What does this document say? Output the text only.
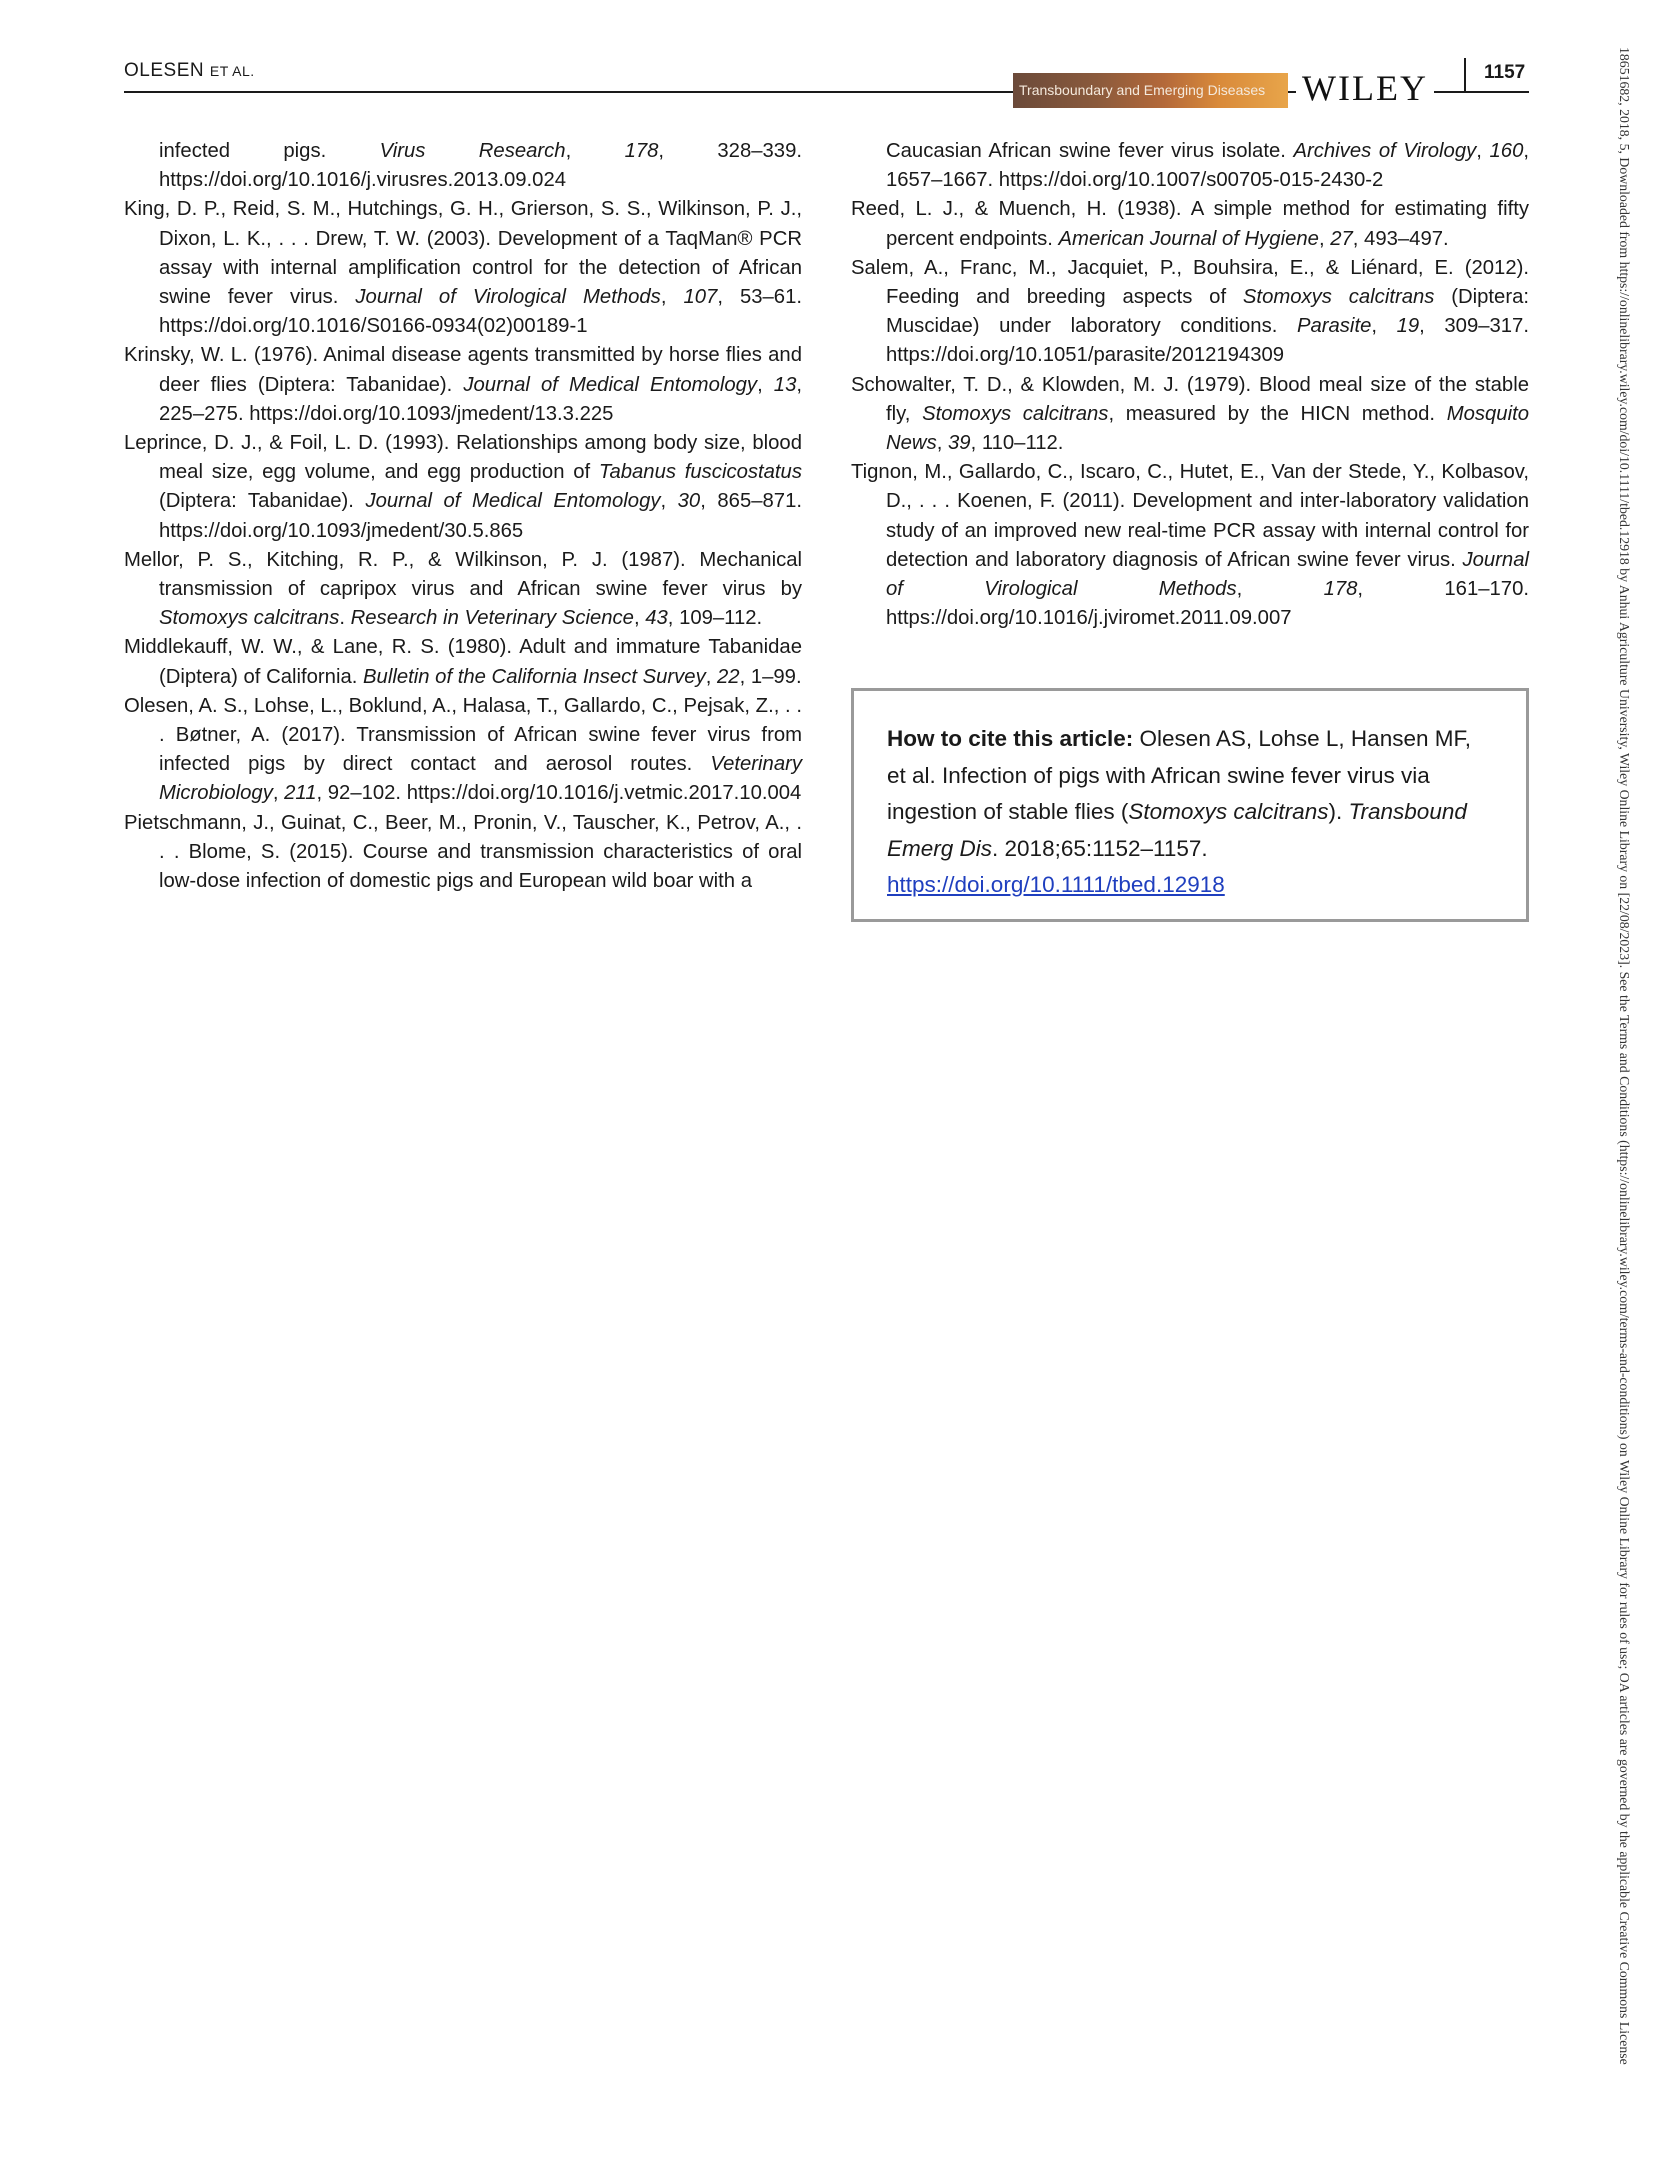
OLESEN ET AL.
Transboundary and Emerging Diseases	WILEY	1157

infected pigs. Virus Research, 178, 328–339. https://doi.org/10.1016/j.virusres.2013.09.024

King, D. P., Reid, S. M., Hutchings, G. H., Grierson, S. S., Wilkinson, P. J., Dixon, L. K., . . . Drew, T. W. (2003). Development of a TaqMan® PCR assay with internal amplification control for the detection of African swine fever virus. Journal of Virological Methods, 107, 53–61. https://doi.org/10.1016/S0166-0934(02)00189-1

Krinsky, W. L. (1976). Animal disease agents transmitted by horse flies and deer flies (Diptera: Tabanidae). Journal of Medical Entomology, 13, 225–275. https://doi.org/10.1093/jmedent/13.3.225

Leprince, D. J., & Foil, L. D. (1993). Relationships among body size, blood meal size, egg volume, and egg production of Tabanus fuscicostatus (Diptera: Tabanidae). Journal of Medical Entomology, 30, 865–871. https://doi.org/10.1093/jmedent/30.5.865

Mellor, P. S., Kitching, R. P., & Wilkinson, P. J. (1987). Mechanical transmission of capripox virus and African swine fever virus by Stomoxys calcitrans. Research in Veterinary Science, 43, 109–112.

Middlekauff, W. W., & Lane, R. S. (1980). Adult and immature Tabanidae (Diptera) of California. Bulletin of the California Insect Survey, 22, 1–99.

Olesen, A. S., Lohse, L., Boklund, A., Halasa, T., Gallardo, C., Pejsak, Z., . . . Bøtner, A. (2017). Transmission of African swine fever virus from infected pigs by direct contact and aerosol routes. Veterinary Microbiology, 211, 92–102. https://doi.org/10.1016/j.vetmic.2017.10.004

Pietschmann, J., Guinat, C., Beer, M., Pronin, V., Tauscher, K., Petrov, A., . . . Blome, S. (2015). Course and transmission characteristics of oral low-dose infection of domestic pigs and European wild boar with a

Caucasian African swine fever virus isolate. Archives of Virology, 160, 1657–1667. https://doi.org/10.1007/s00705-015-2430-2

Reed, L. J., & Muench, H. (1938). A simple method for estimating fifty percent endpoints. American Journal of Hygiene, 27, 493–497.

Salem, A., Franc, M., Jacquiet, P., Bouhsira, E., & Liénard, E. (2012). Feeding and breeding aspects of Stomoxys calcitrans (Diptera: Muscidae) under laboratory conditions. Parasite, 19, 309–317. https://doi.org/10.1051/parasite/2012194309

Schowalter, T. D., & Klowden, M. J. (1979). Blood meal size of the stable fly, Stomoxys calcitrans, measured by the HICN method. Mosquito News, 39, 110–112.

Tignon, M., Gallardo, C., Iscaro, C., Hutet, E., Van der Stede, Y., Kolbasov, D., . . . Koenen, F. (2011). Development and inter-laboratory validation study of an improved new real-time PCR assay with internal control for detection and laboratory diagnosis of African swine fever virus. Journal of Virological Methods, 178, 161–170. https://doi.org/10.1016/j.jviromet.2011.09.007

How to cite this article: Olesen AS, Lohse L, Hansen MF, et al. Infection of pigs with African swine fever virus via ingestion of stable flies (Stomoxys calcitrans). Transbound Emerg Dis. 2018;65:1152–1157. https://doi.org/10.1111/tbed.12918	18651682, 2018, 5, Downloaded from https://onlinelibrary.wiley.com/doi/10.1111/tbed.12918 by Anhui Agriculture University, Wiley Online Library on [22/08/2023]. See the Terms and Conditions (https://onlinelibrary.wiley.com/terms-and-conditions) on Wiley Online Library for rules of use; OA articles are governed by the applicable Creative Commons License
